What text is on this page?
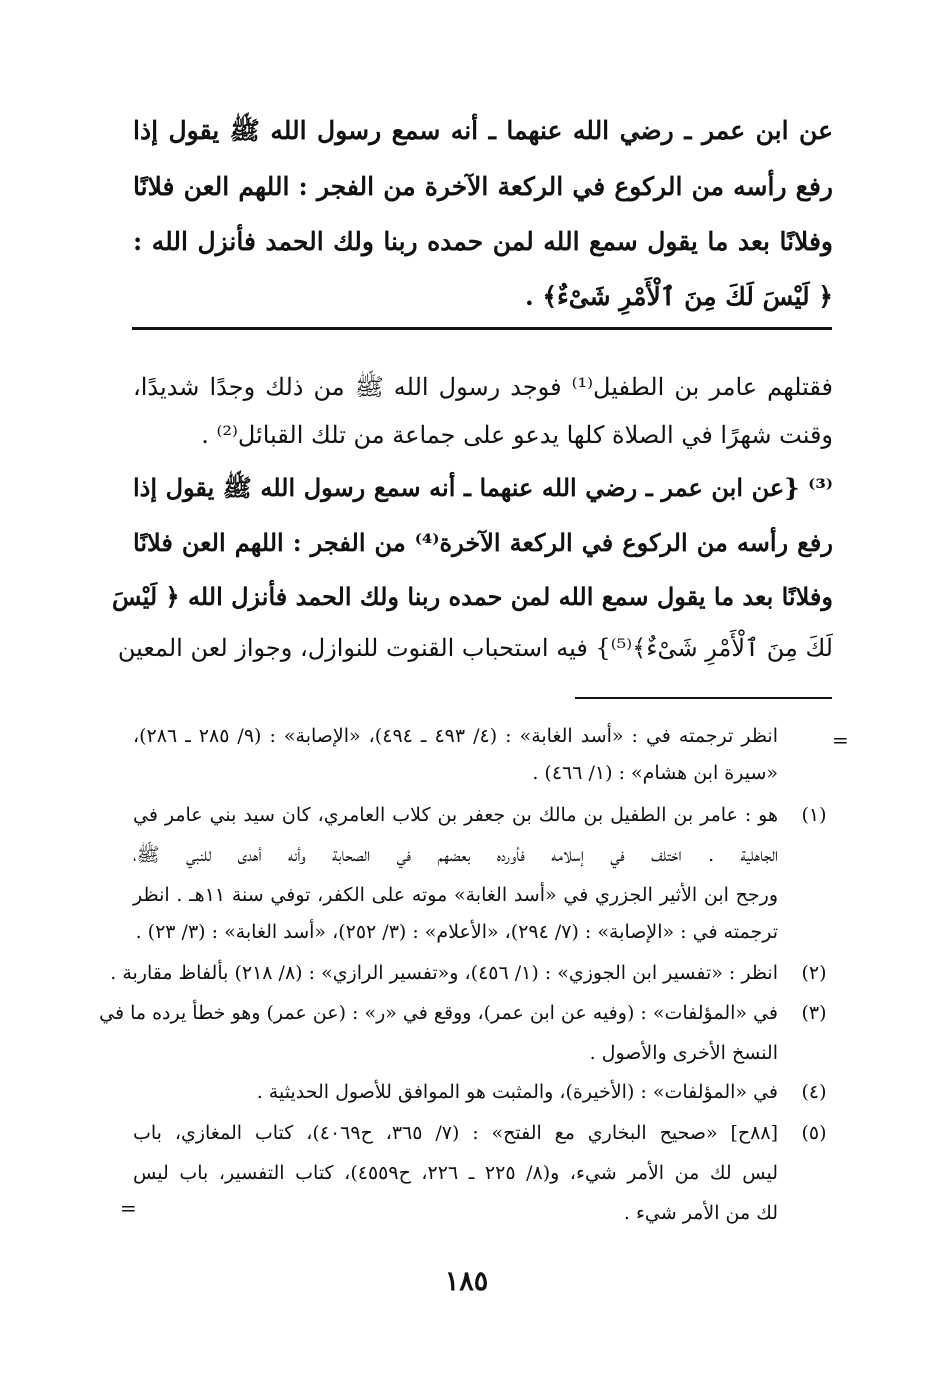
عن ابن عمر ـ رضي الله عنهما ـ أنه سمع رسول الله ﷺ يقول إذا
رفع رأسه من الركوع في الركعة الآخرة من الفجر : اللهم العن فلانًا
وفلانًا بعد ما يقول سمع الله لمن حمده ربنا ولك الحمد فأنزل الله :
﴿ لَيْسَ لَكَ مِنَ ٱلْأَمْرِ شَىْءٌ﴾ .
فقتلهم عامر بن الطفيل⁽¹⁾ فوجد رسول الله ﷺ من ذلك وجدًا شديدًا،
وقنت شهرًا في الصلاة كلها يدعو على جماعة من تلك القبائل⁽²⁾ .
⁽³⁾ {عن ابن عمر ـ رضي الله عنهما ـ أنه سمع رسول الله ﷺ يقول إذا
رفع رأسه من الركوع في الركعة الآخرة⁽⁴⁾ من الفجر : اللهم العن فلانًا
وفلانًا بعد ما يقول سمع الله لمن حمده ربنا ولك الحمد فأنزل الله ﴿ لَيْسَ
لَكَ مِنَ ٱلْأَمْرِ شَىْءٌ﴾⁽⁵⁾} فيه استحباب القنوت للنوازل، وجواز لعن المعين
=
انظر ترجمته في : «أسد الغابة» : (٤/ ٤٩٣ ـ ٤٩٤)، «الإصابة» : (٩/ ٢٨٥ ـ ٢٨٦)،
«سيرة ابن هشام» : (١/ ٤٦٦) .
(١)
هو : عامر بن الطفيل بن مالك بن جعفر بن كلاب العامري، كان سيد بني عامر في
الجاهلية . اختلف في إسلامه فأورده بعضهم في الصحابة وأنه أهدى للنبي ﷺ،
ورجح ابن الأثير الجزري في «أسد الغابة» موته على الكفر، توفي سنة ١١هـ . انظر
ترجمته في : «الإصابة» : (٧/ ٢٩٤)، «الأعلام» : (٣/ ٢٥٢)، «أسد الغابة» : (٣/ ٢٣) .
(٢)
انظر : «تفسير ابن الجوزي» : (١/ ٤٥٦)، و«تفسير الرازي» : (٨/ ٢١٨) بألفاظ مقاربة .
(٣)
في «المؤلفات» : (وفيه عن ابن عمر)، ووقع في «ر» : (عن عمر) وهو خطأ يرده ما في
النسخ الأخرى والأصول .
(٤)
في «المؤلفات» : (الأخيرة)، والمثبت هو الموافق للأصول الحديثية .
(٥)
[٨٨ح] «صحيح البخاري مع الفتح» : (٧/ ٣٦٥، ح٤٠٦٩)، كتاب المغازي، باب
ليس لك من الأمر شيء، و(٨/ ٢٢٥ ـ ٢٢٦، ح٤٥٥٩)، كتاب التفسير، باب ليس
لك من الأمر شيء .
=
١٨٥
